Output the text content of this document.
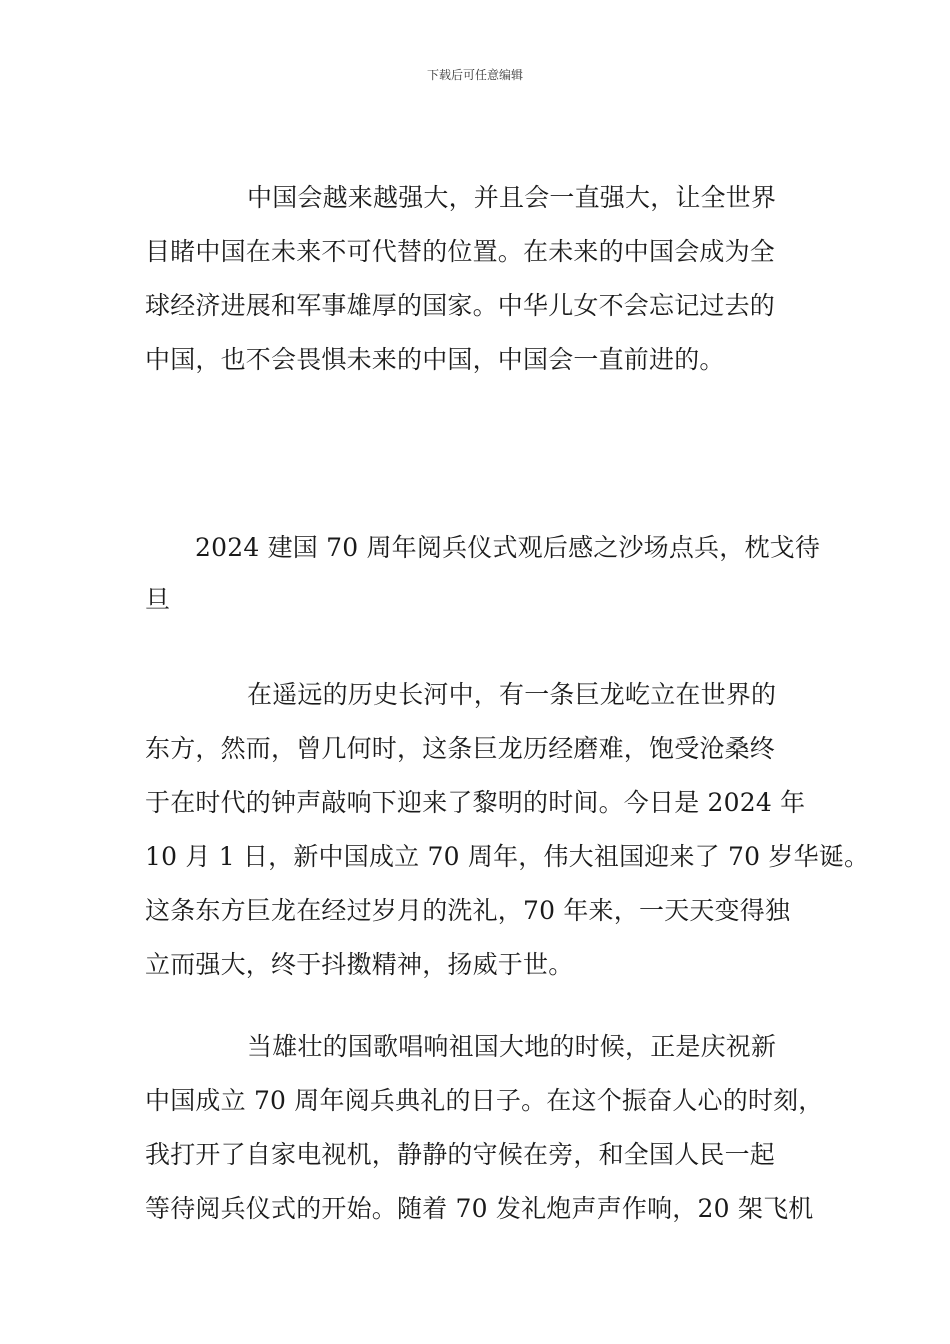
下载后可任意编辑
中国会越来越强大，并且会一直强大，让全世界
目睹中国在未来不可代替的位置。在未来的中国会成为全
球经济进展和军事雄厚的国家。中华儿女不会忘记过去的
中国，也不会畏惧未来的中国，中国会一直前进的。
2024 建国 70 周年阅兵仪式观后感之沙场点兵，枕戈待
旦
在遥远的历史长河中，有一条巨龙屹立在世界的
东方，然而，曾几何时，这条巨龙历经磨难，饱受沧桑终
于在时代的钟声敲响下迎来了黎明的时间。今日是 2024 年
10 月 1 日，新中国成立 70 周年，伟大祖国迎来了 70 岁华诞。
这条东方巨龙在经过岁月的洗礼，70 年来，一天天变得独
立而强大，终于抖擞精神，扬威于世。
当雄壮的国歌唱响祖国大地的时候，正是庆祝新
中国成立 70 周年阅兵典礼的日子。在这个振奋人心的时刻，
我打开了自家电视机，静静的守候在旁，和全国人民一起
等待阅兵仪式的开始。随着 70 发礼炮声声作响，20 架飞机
